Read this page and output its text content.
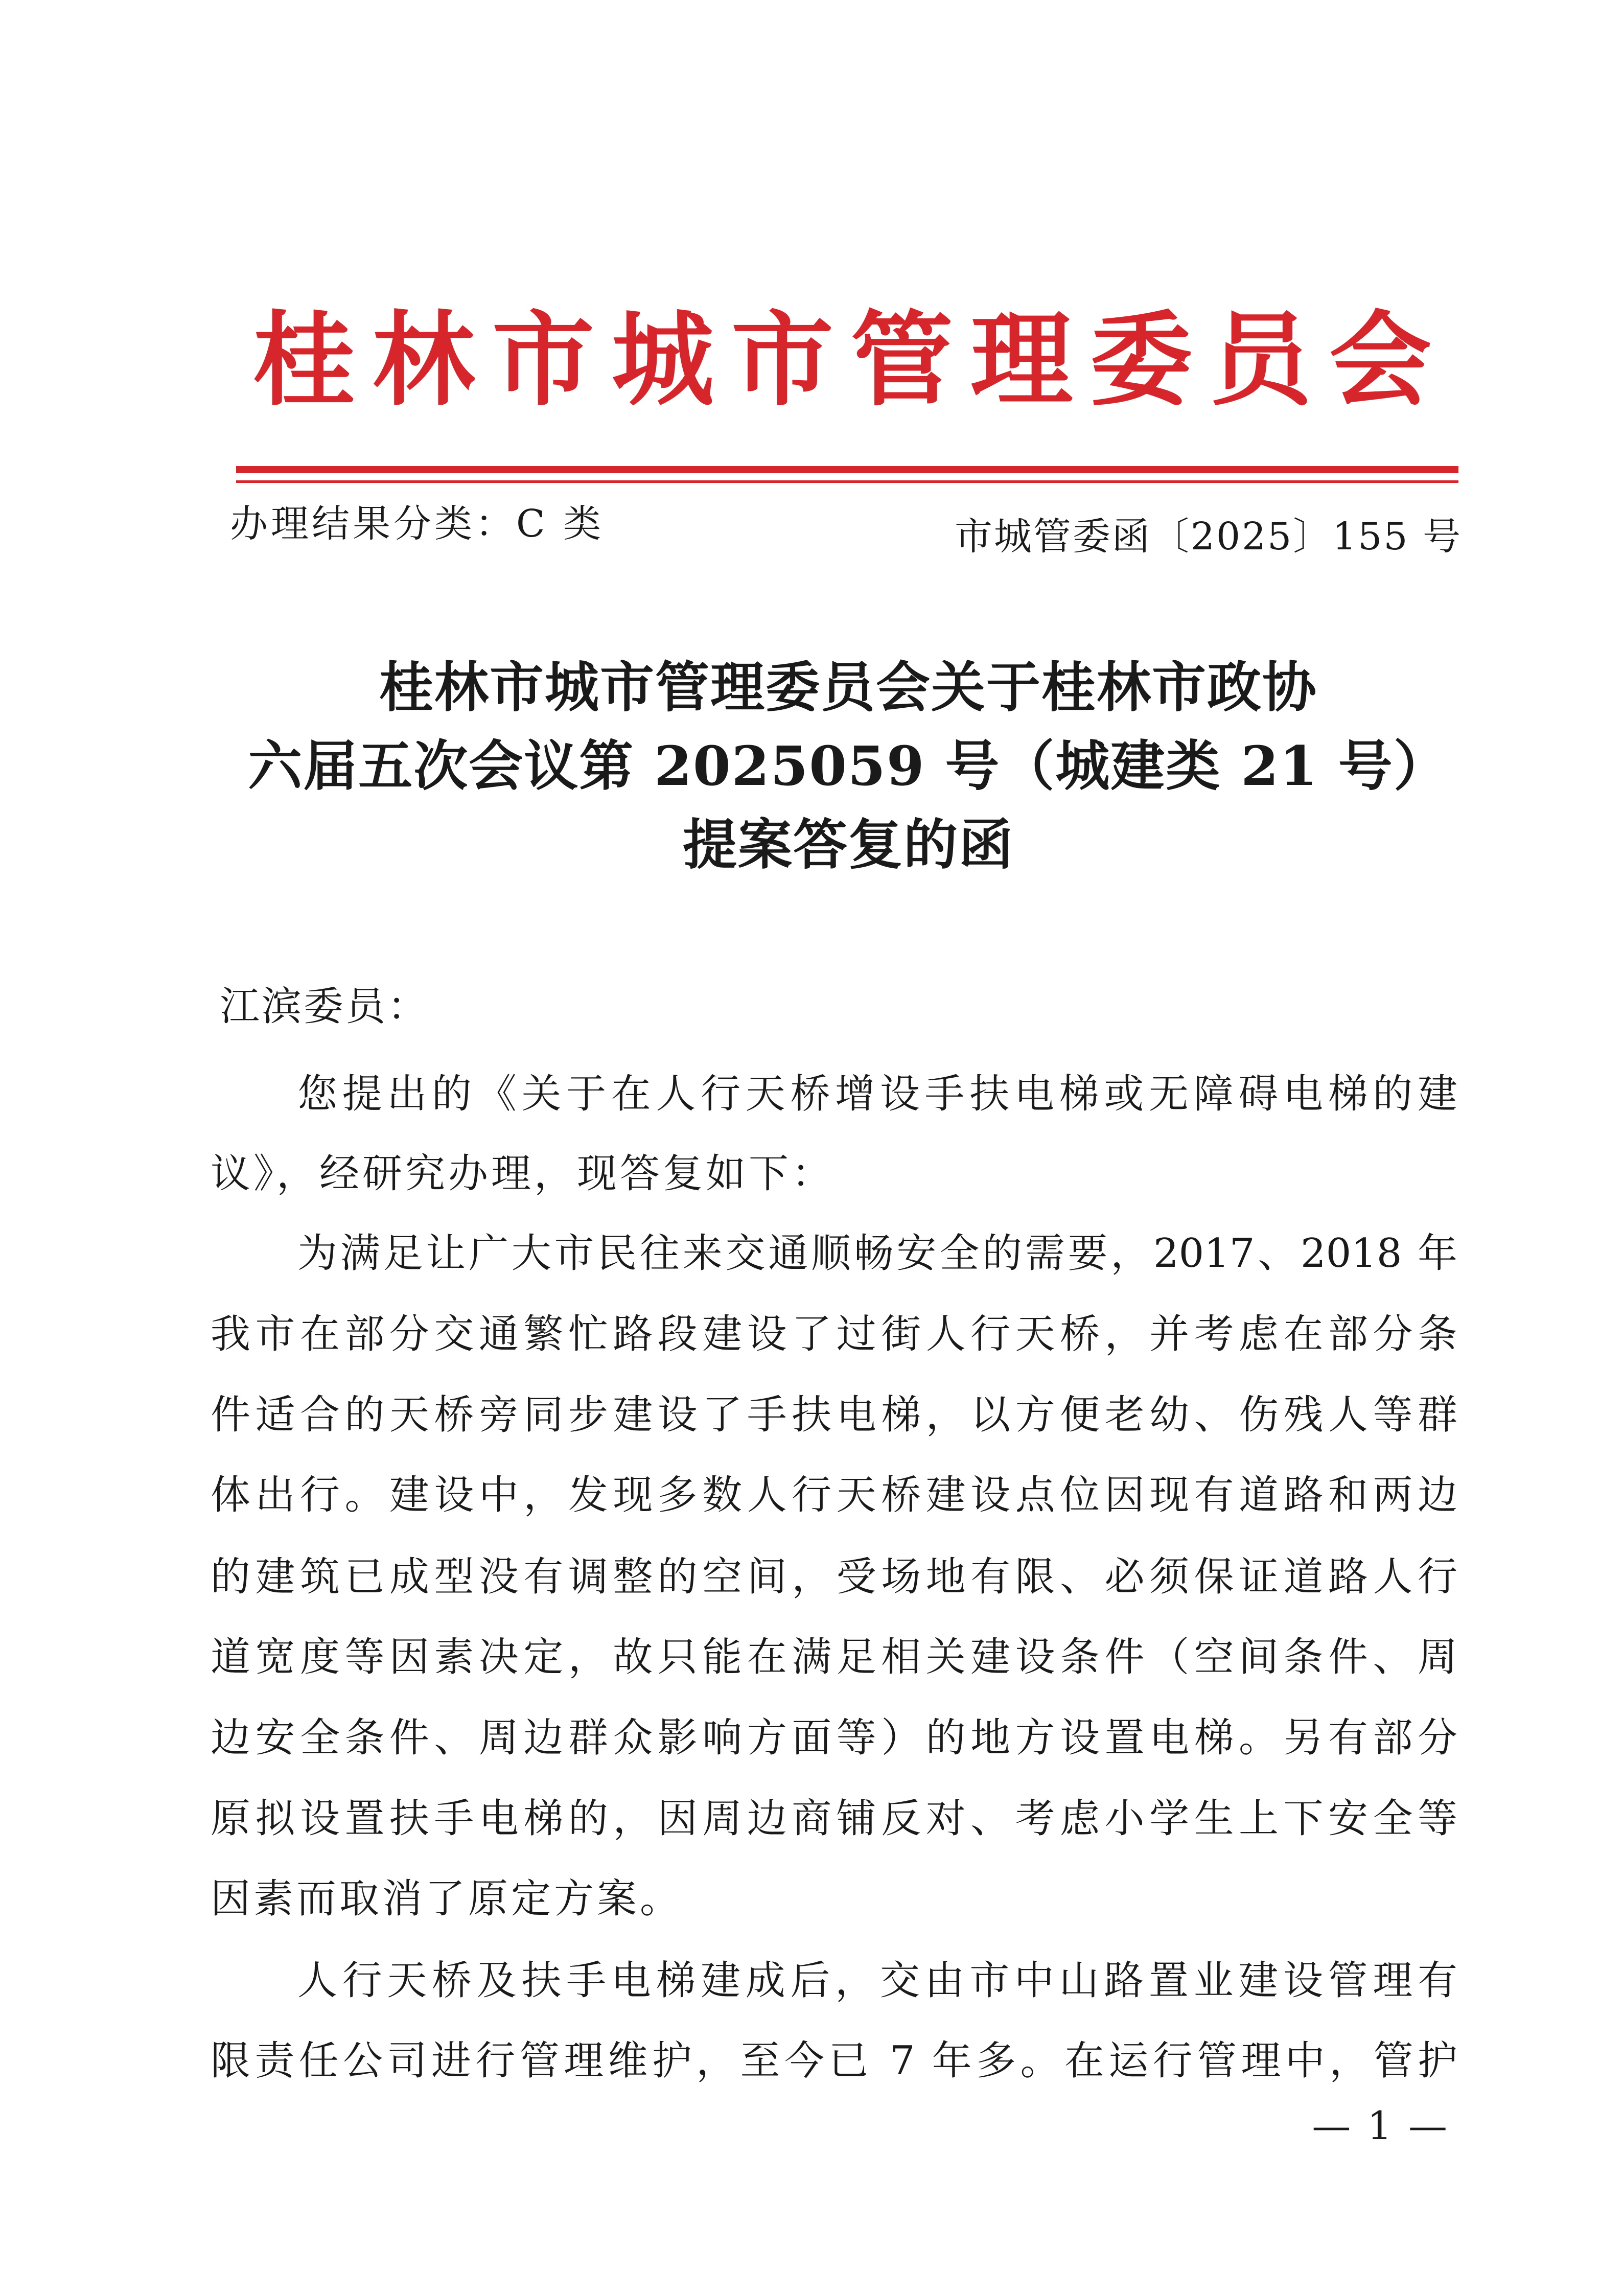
桂林市城市管理委员会
办理结果分类：C 类	市城管委函〔2025〕155 号
桂林市城市管理委员会关于桂林市政协
六届五次会议第 2025059 号（城建类 21 号）
提案答复的函
江滨委员：
您提出的《关于在人行天桥增设手扶电梯或无障碍电梯的建
议》，经研究办理，现答复如下：
为满足让广大市民往来交通顺畅安全的需要，2017、2018 年
我市在部分交通繁忙路段建设了过街人行天桥，并考虑在部分条
件适合的天桥旁同步建设了手扶电梯，以方便老幼、伤残人等群
体出行。建设中，发现多数人行天桥建设点位因现有道路和两边
的建筑已成型没有调整的空间，受场地有限、必须保证道路人行
道宽度等因素决定，故只能在满足相关建设条件（空间条件、周
边安全条件、周边群众影响方面等）的地方设置电梯。另有部分
原拟设置扶手电梯的，因周边商铺反对、考虑小学生上下安全等
因素而取消了原定方案。
人行天桥及扶手电梯建成后，交由市中山路置业建设管理有
限责任公司进行管理维护，至今已 7 年多。在运行管理中，管护
— 1 —
